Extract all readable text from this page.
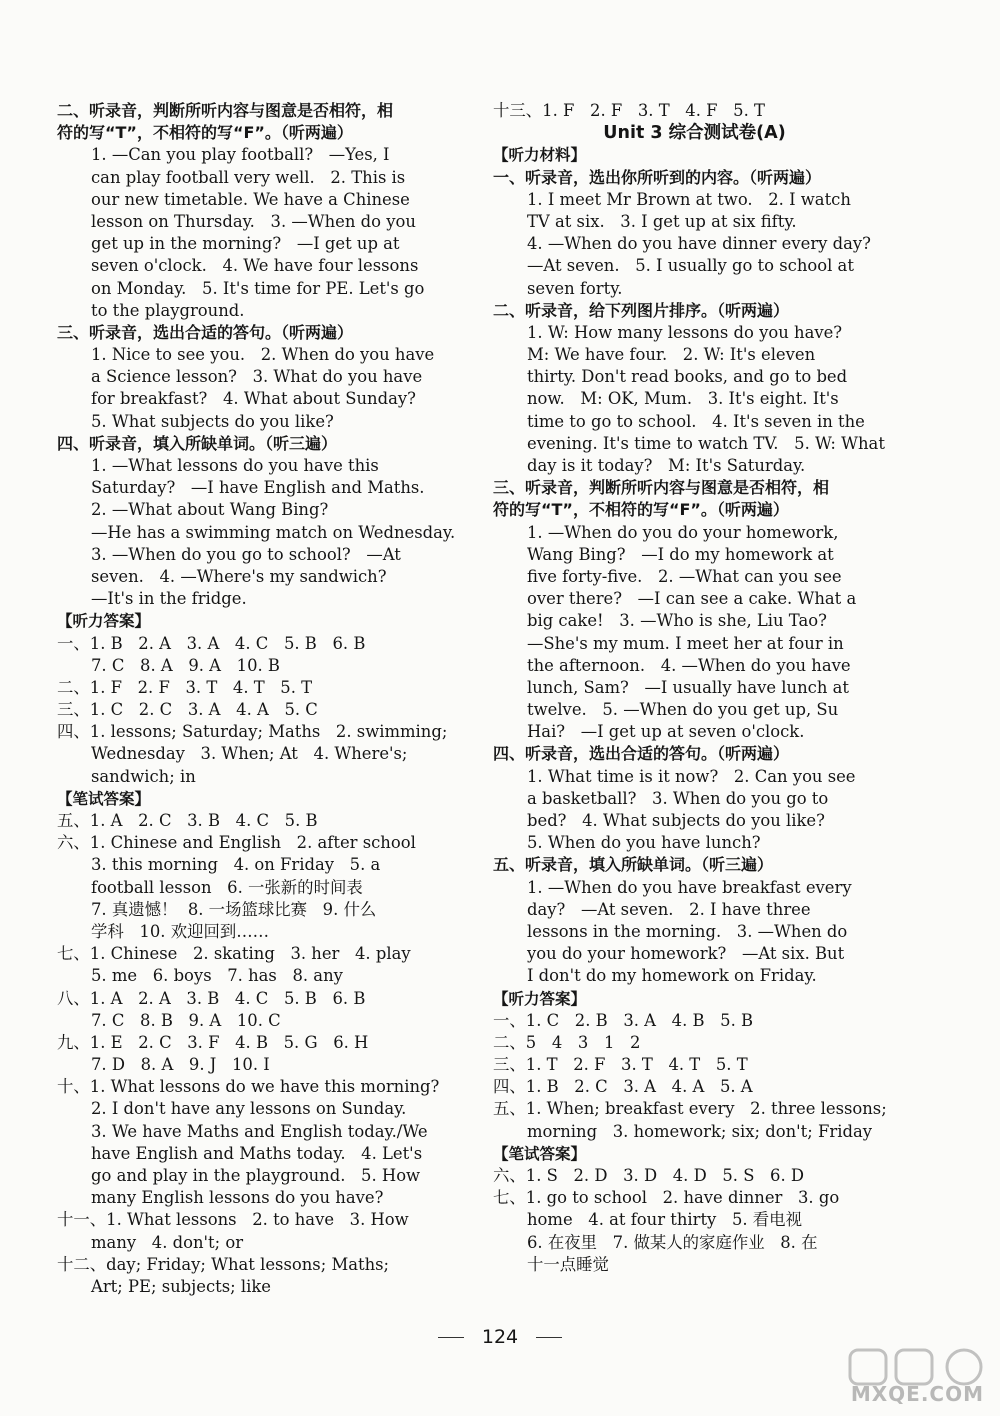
二、听录音，判断所听内容与图意是否相符，相
符的写“T”，不相符的写“F”。（听两遍）
1. —Can you play football?   —Yes, I
can play football very well.   2. This is
our new timetable. We have a Chinese
lesson on Thursday.   3. —When do you
get up in the morning?   —I get up at
seven o'clock.   4. We have four lessons
on Monday.   5. It's time for PE. Let's go
to the playground.
三、听录音，选出合适的答句。（听两遍）
1. Nice to see you.   2. When do you have
a Science lesson?   3. What do you have
for breakfast?   4. What about Sunday?
5. What subjects do you like?
四、听录音，填入所缺单词。（听三遍）
1. —What lessons do you have this
Saturday?   —I have English and Maths.
2. —What about Wang Bing?
—He has a swimming match on Wednesday.
3. —When do you go to school?   —At
seven.   4. —Where's my sandwich?
—It's in the fridge.
【听力答案】
一、1. B   2. A   3. A   4. C   5. B   6. B
7. C   8. A   9. A   10. B
二、1. F   2. F   3. T   4. T   5. T
三、1. C   2. C   3. A   4. A   5. C
四、1. lessons; Saturday; Maths   2. swimming;
Wednesday   3. When; At   4. Where's;
sandwich; in
【笔试答案】
五、1. A   2. C   3. B   4. C   5. B
六、1. Chinese and English   2. after school
3. this morning   4. on Friday   5. a
football lesson   6. 一张新的时间表
7. 真遗憾！  8. 一场篮球比赛   9. 什么
学科   10. 欢迎回到……
七、1. Chinese   2. skating   3. her   4. play
5. me   6. boys   7. has   8. any
八、1. A   2. A   3. B   4. C   5. B   6. B
7. C   8. B   9. A   10. C
九、1. E   2. C   3. F   4. B   5. G   6. H
7. D   8. A   9. J   10. I
十、1. What lessons do we have this morning?
2. I don't have any lessons on Sunday.
3. We have Maths and English today./We
have English and Maths today.   4. Let's
go and play in the playground.   5. How
many English lessons do you have?
十一、1. What lessons   2. to have   3. How
many   4. don't; or
十二、day; Friday; What lessons; Maths;
Art; PE; subjects; like
十三、1. F   2. F   3. T   4. F   5. T
Unit 3 综合测试卷(A)
【听力材料】
一、听录音，选出你所听到的内容。（听两遍）
1. I meet Mr Brown at two.   2. I watch
TV at six.   3. I get up at six fifty.
4. —When do you have dinner every day?
—At seven.   5. I usually go to school at
seven forty.
二、听录音，给下列图片排序。（听两遍）
1. W: How many lessons do you have?
M: We have four.   2. W: It's eleven
thirty. Don't read books, and go to bed
now.   M: OK, Mum.   3. It's eight. It's
time to go to school.   4. It's seven in the
evening. It's time to watch TV.   5. W: What
day is it today?   M: It's Saturday.
三、听录音，判断所听内容与图意是否相符，相
符的写“T”，不相符的写“F”。（听两遍）
1. —When do you do your homework,
Wang Bing?   —I do my homework at
five forty-five.   2. —What can you see
over there?   —I can see a cake. What a
big cake!   3. —Who is she, Liu Tao?
—She's my mum. I meet her at four in
the afternoon.   4. —When do you have
lunch, Sam?   —I usually have lunch at
twelve.   5. —When do you get up, Su
Hai?   —I get up at seven o'clock.
四、听录音，选出合适的答句。（听两遍）
1. What time is it now?   2. Can you see
a basketball?   3. When do you go to
bed?   4. What subjects do you like?
5. When do you have lunch?
五、听录音，填入所缺单词。（听三遍）
1. —When do you have breakfast every
day?   —At seven.   2. I have three
lessons in the morning.   3. —When do
you do your homework?   —At six. But
I don't do my homework on Friday.
【听力答案】
一、1. C   2. B   3. A   4. B   5. B
二、5   4   3   1   2
三、1. T   2. F   3. T   4. T   5. T
四、1. B   2. C   3. A   4. A   5. A
五、1. When; breakfast every   2. three lessons;
morning   3. homework; six; don't; Friday
【笔试答案】
六、1. S   2. D   3. D   4. D   5. S   6. D
七、1. go to school   2. have dinner   3. go
home   4. at four thirty   5. 看电视
6. 在夜里   7. 做某人的家庭作业   8. 在
十一点睡觉
124
MXQE.COM
